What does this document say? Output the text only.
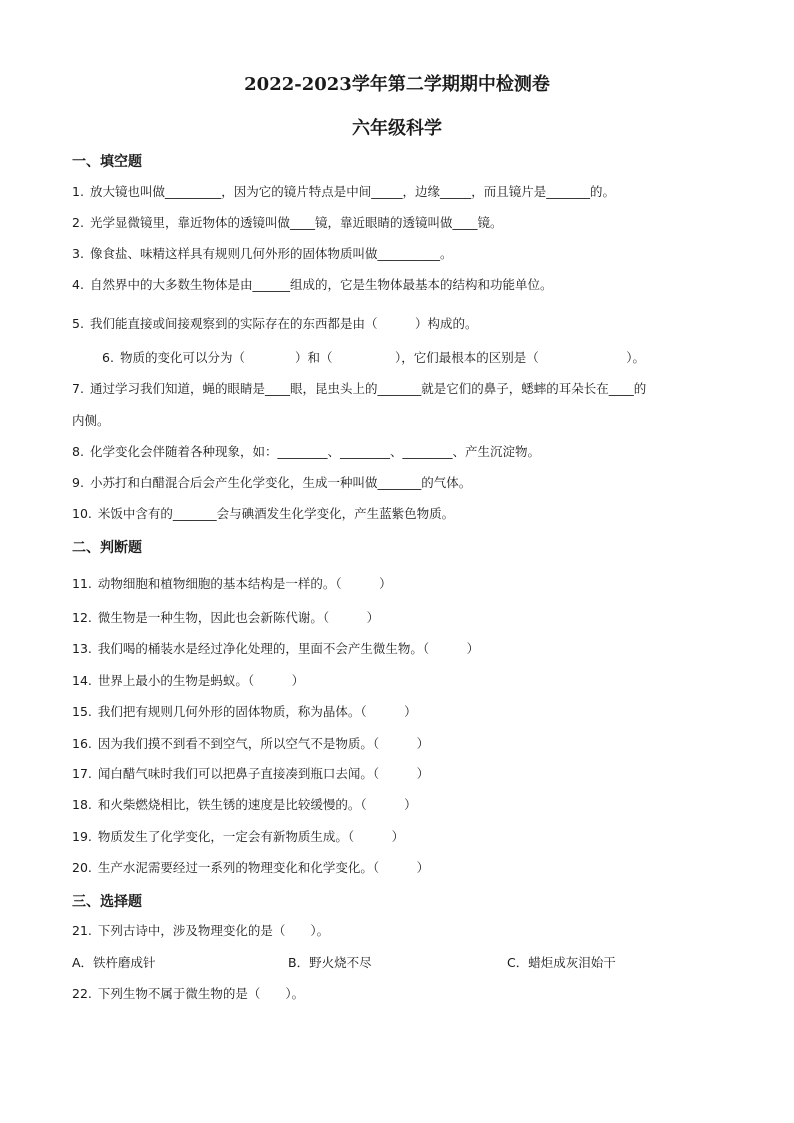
2022-2023学年第二学期期中检测卷
六年级科学
一、填空题
1. 放大镜也叫做_________，因为它的镜片特点是中间_____，边缘_____，而且镜片是_______的。
2. 光学显微镜里，靠近物体的透镜叫做____镜，靠近眼睛的透镜叫做____镜。
3. 像食盐、味精这样具有规则几何外形的固体物质叫做__________。
4. 自然界中的大多数生物体是由______组成的，它是生物体最基本的结构和功能单位。
5. 我们能直接或间接观察到的实际存在的东西都是由（　　　）构成的。
6. 物质的变化可以分为（　　　　）和（　　　　　），它们最根本的区别是（　　　　　　　）。
7. 通过学习我们知道，蝇的眼睛是____眼，昆虫头上的_______就是它们的鼻子，蟋蟀的耳朵长在____的
内侧。
8. 化学变化会伴随着各种现象，如：________、________、________、产生沉淀物。
9. 小苏打和白醋混合后会产生化学变化，生成一种叫做_______的气体。
10. 米饭中含有的_______会与碘酒发生化学变化，产生蓝紫色物质。
二、判断题
11. 动物细胞和植物细胞的基本结构是一样的。（　　　）
12. 微生物是一种生物，因此也会新陈代谢。（　　　）
13. 我们喝的桶装水是经过净化处理的，里面不会产生微生物。（　　　）
14. 世界上最小的生物是蚂蚁。（　　　）
15. 我们把有规则几何外形的固体物质，称为晶体。（　　　）
16. 因为我们摸不到看不到空气，所以空气不是物质。（　　　）
17. 闻白醋气味时我们可以把鼻子直接凑到瓶口去闻。（　　　）
18. 和火柴燃烧相比，铁生锈的速度是比较缓慢的。（　　　）
19. 物质发生了化学变化，一定会有新物质生成。（　　　）
20. 生产水泥需要经过一系列的物理变化和化学变化。（　　　）
三、选择题
21. 下列古诗中，涉及物理变化的是（　　）。
A．铁杵磨成针	B．野火烧不尽	C．蜡炬成灰泪始干
22. 下列生物不属于微生物的是（　　）。
